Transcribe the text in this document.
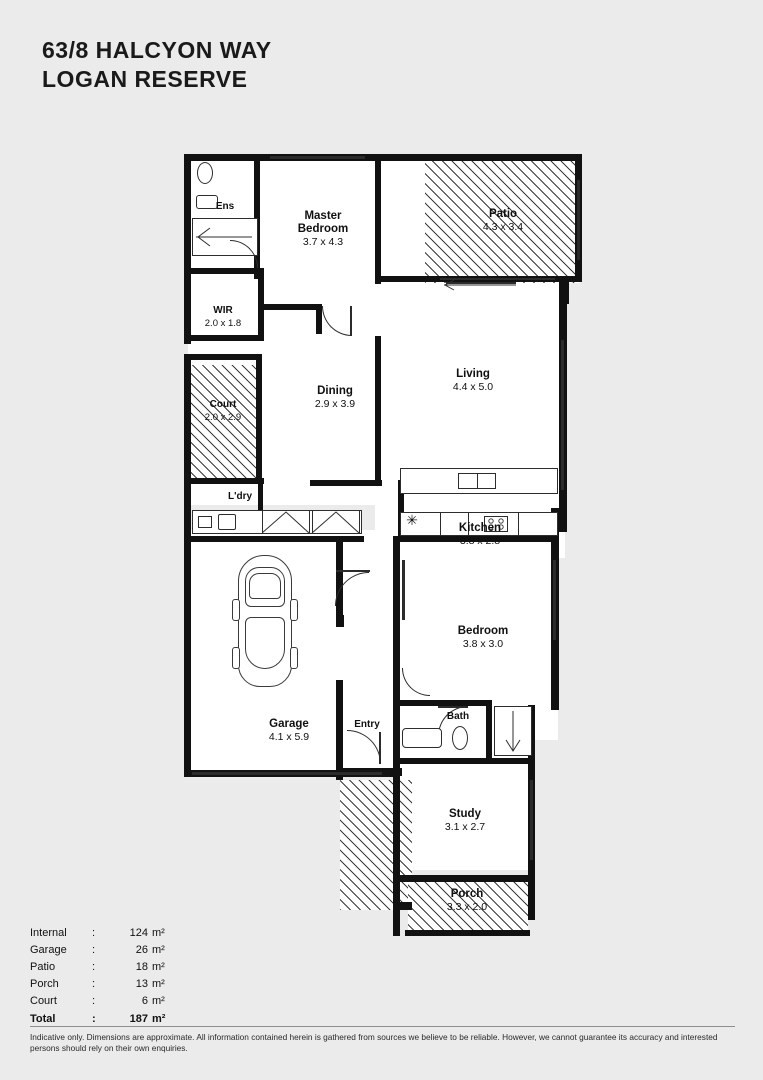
63/8 HALCYON WAY
LOGAN RESERVE
✳
Ens
Master
Bedroom
3.7 x 4.3
Patio
4.3 x 3.4
WIR
2.0 x 1.8
Court
2.0 x 2.9
Dining
2.9 x 3.9
Living
4.4 x 5.0
L'dry
Kitchen
3.8 x 2.8
Bedroom
3.8 x 3.0
Garage
4.1 x 5.9
Entry
Bath
Study
3.1 x 2.7
Porch
3.3 x 2.0
Internal	:	124	m²
Garage	:	26	m²
Patio	:	18	m²
Porch	:	13	m²
Court	:	6	m²
Total	:	187	m²
Indicative only. Dimensions are approximate. All information contained herein is gathered from sources we believe to be reliable. However, we cannot guarantee its accuracy and interested persons should rely on their own enquiries.
